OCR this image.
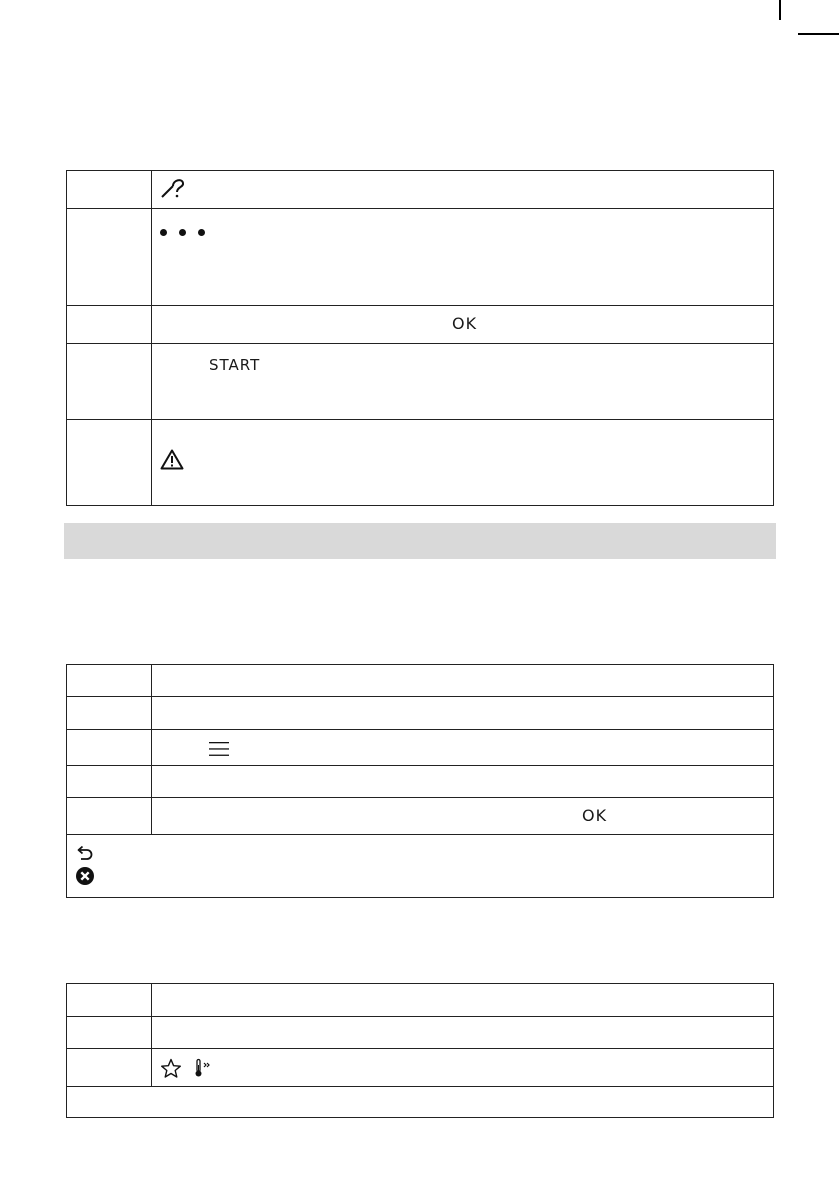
	OK
	START

	OK
